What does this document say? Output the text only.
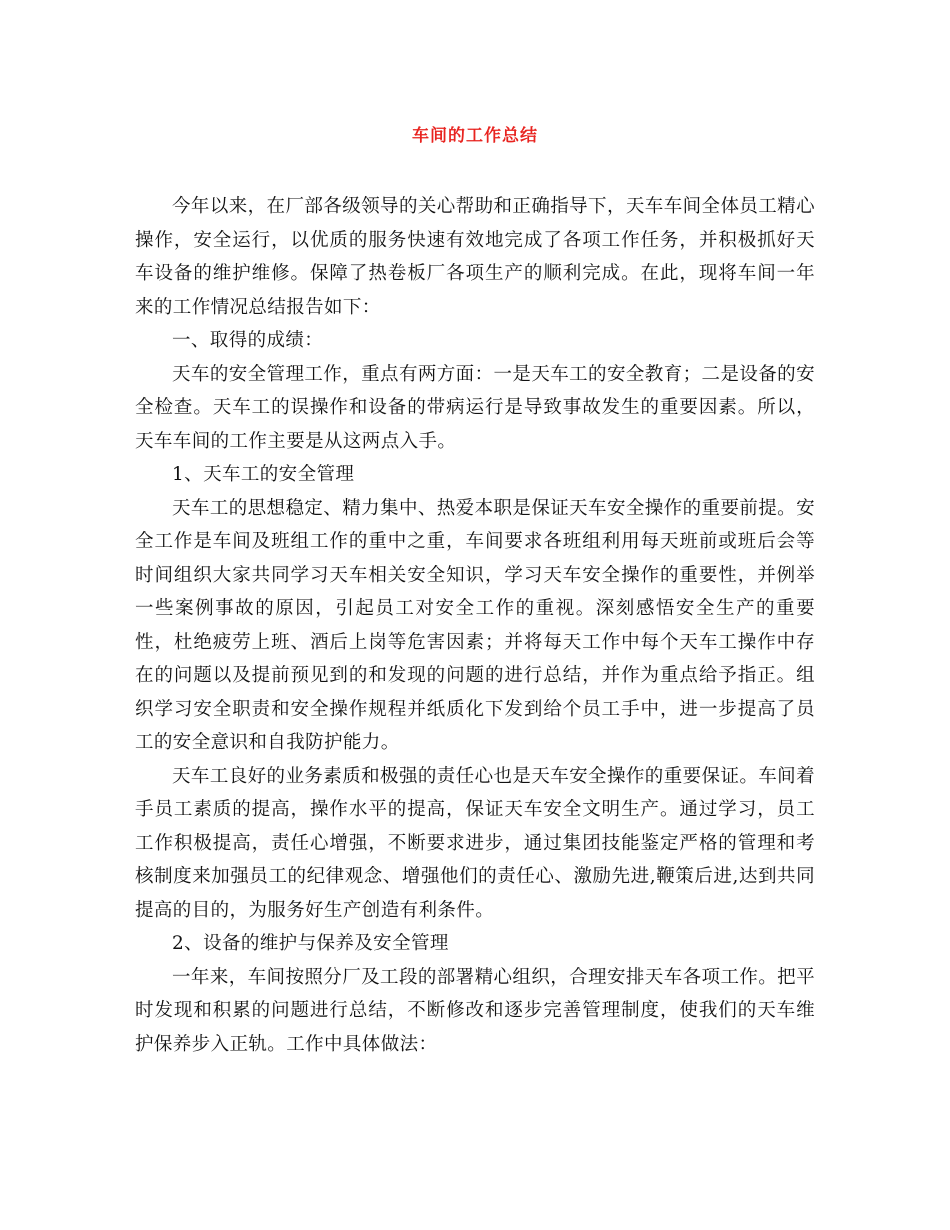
车间的工作总结

今年以来，在厂部各级领导的关心帮助和正确指导下，天车车间全体员工精心操作，安全运行，以优质的服务快速有效地完成了各项工作任务，并积极抓好天车设备的维护维修。保障了热卷板厂各项生产的顺利完成。在此，现将车间一年来的工作情况总结报告如下：

一、取得的成绩：

天车的安全管理工作，重点有两方面：一是天车工的安全教育；二是设备的安全检查。天车工的误操作和设备的带病运行是导致事故发生的重要因素。所以，天车车间的工作主要是从这两点入手。

1、天车工的安全管理

天车工的思想稳定、精力集中、热爱本职是保证天车安全操作的重要前提。安全工作是车间及班组工作的重中之重，车间要求各班组利用每天班前或班后会等时间组织大家共同学习天车相关安全知识，学习天车安全操作的重要性，并例举一些案例事故的原因，引起员工对安全工作的重视。深刻感悟安全生产的重要性，杜绝疲劳上班、酒后上岗等危害因素；并将每天工作中每个天车工操作中存在的问题以及提前预见到的和发现的问题的进行总结，并作为重点给予指正。组织学习安全职责和安全操作规程并纸质化下发到给个员工手中，进一步提高了员工的安全意识和自我防护能力。

天车工良好的业务素质和极强的责任心也是天车安全操作的重要保证。车间着手员工素质的提高，操作水平的提高，保证天车安全文明生产。通过学习，员工工作积极提高，责任心增强，不断要求进步，通过集团技能鉴定严格的管理和考核制度来加强员工的纪律观念、增强他们的责任心、激励先进,鞭策后进,达到共同提高的目的，为服务好生产创造有利条件。

2、设备的维护与保养及安全管理

一年来，车间按照分厂及工段的部署精心组织，合理安排天车各项工作。把平时发现和积累的问题进行总结，不断修改和逐步完善管理制度，使我们的天车维护保养步入正轨。工作中具体做法：
